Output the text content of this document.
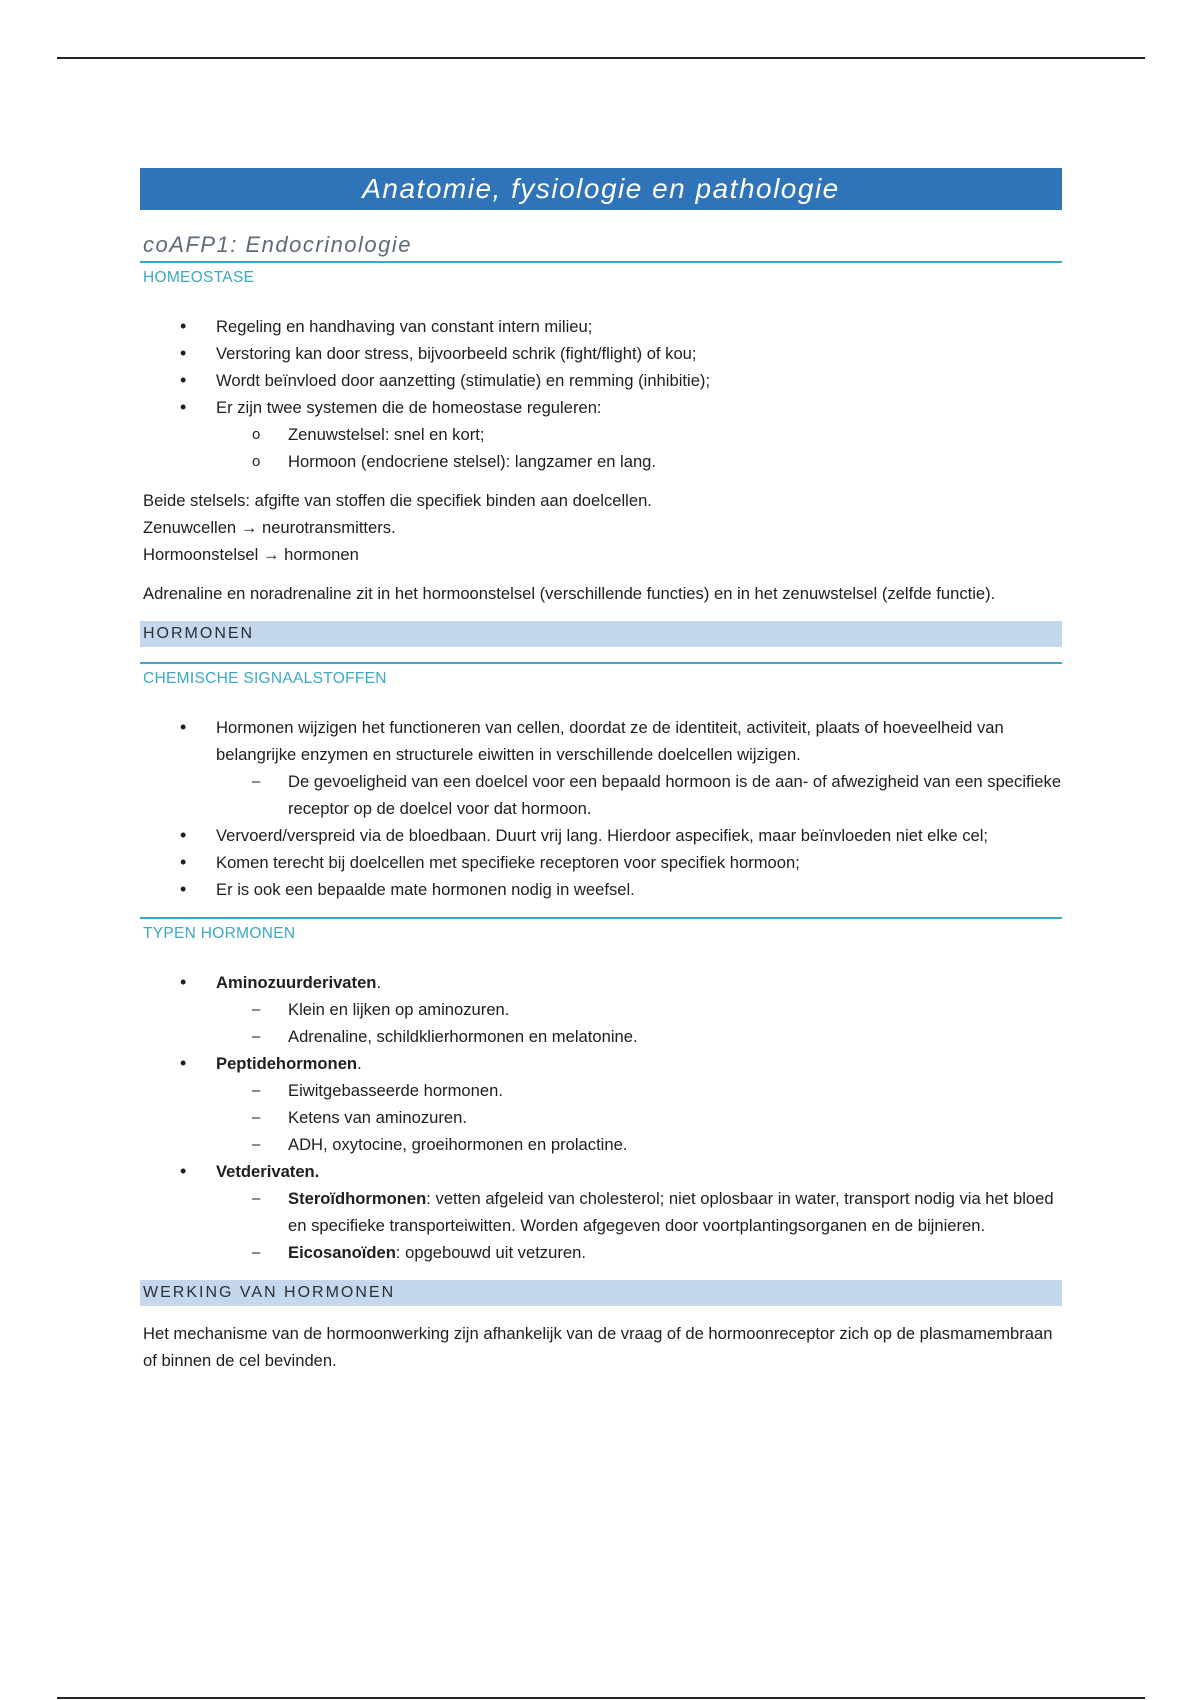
Anatomie, fysiologie en pathologie
coAFP1: Endocrinologie
HOMEOSTASE
• Regeling en handhaving van constant intern milieu;
• Verstoring kan door stress, bijvoorbeeld schrik (fight/flight) of kou;
• Wordt beïnvloed door aanzetting (stimulatie) en remming (inhibitie);
• Er zijn twee systemen die de homeostase reguleren:
o Zenuwstelsel: snel en kort;
o Hormoon (endocriene stelsel): langzamer en lang.

Beide stelsels: afgifte van stoffen die specifiek binden aan doelcellen.

Zenuwcellen → neurotransmitters.

Hormoonstelsel → hormonen

Adrenaline en noradrenaline zit in het hormoonstelsel (verschillende functies) en in het zenuwstelsel (zelfde functie).

HORMONEN
CHEMISCHE SIGNAALSTOFFEN
• Hormonen wijzigen het functioneren van cellen, doordat ze de identiteit, activiteit, plaats of hoeveelheid van belangrijke enzymen en structurele eiwitten in verschillende doelcellen wijzigen.
– De gevoeligheid van een doelcel voor een bepaald hormoon is de aan- of afwezigheid van een specifieke receptor op de doelcel voor dat hormoon.
• Vervoerd/verspreid via de bloedbaan. Duurt vrij lang. Hierdoor aspecifiek, maar beïnvloeden niet elke cel;
• Komen terecht bij doelcellen met specifieke receptoren voor specifiek hormoon;
• Er is ook een bepaalde mate hormonen nodig in weefsel.
TYPEN HORMONEN
• Aminozuurderivaten.
– Klein en lijken op aminozuren.
– Adrenaline, schildklierhormonen en melatonine.
• Peptidehormonen.
– Eiwitgebasseerde hormonen.
– Ketens van aminozuren.
– ADH, oxytocine, groeihormonen en prolactine.
• Vetderivaten.
– Steroïdhormonen: vetten afgeleid van cholesterol; niet oplosbaar in water, transport nodig via het bloed en specifieke transporteiwitten. Worden afgegeven door voortplantingsorganen en de bijnieren.
– Eicosanoïden: opgebouwd uit vetzuren.
WERKING VAN HORMONEN

Het mechanisme van de hormoonwerking zijn afhankelijk van de vraag of de hormoonreceptor zich op de plasmamembraan of binnen de cel bevinden.
